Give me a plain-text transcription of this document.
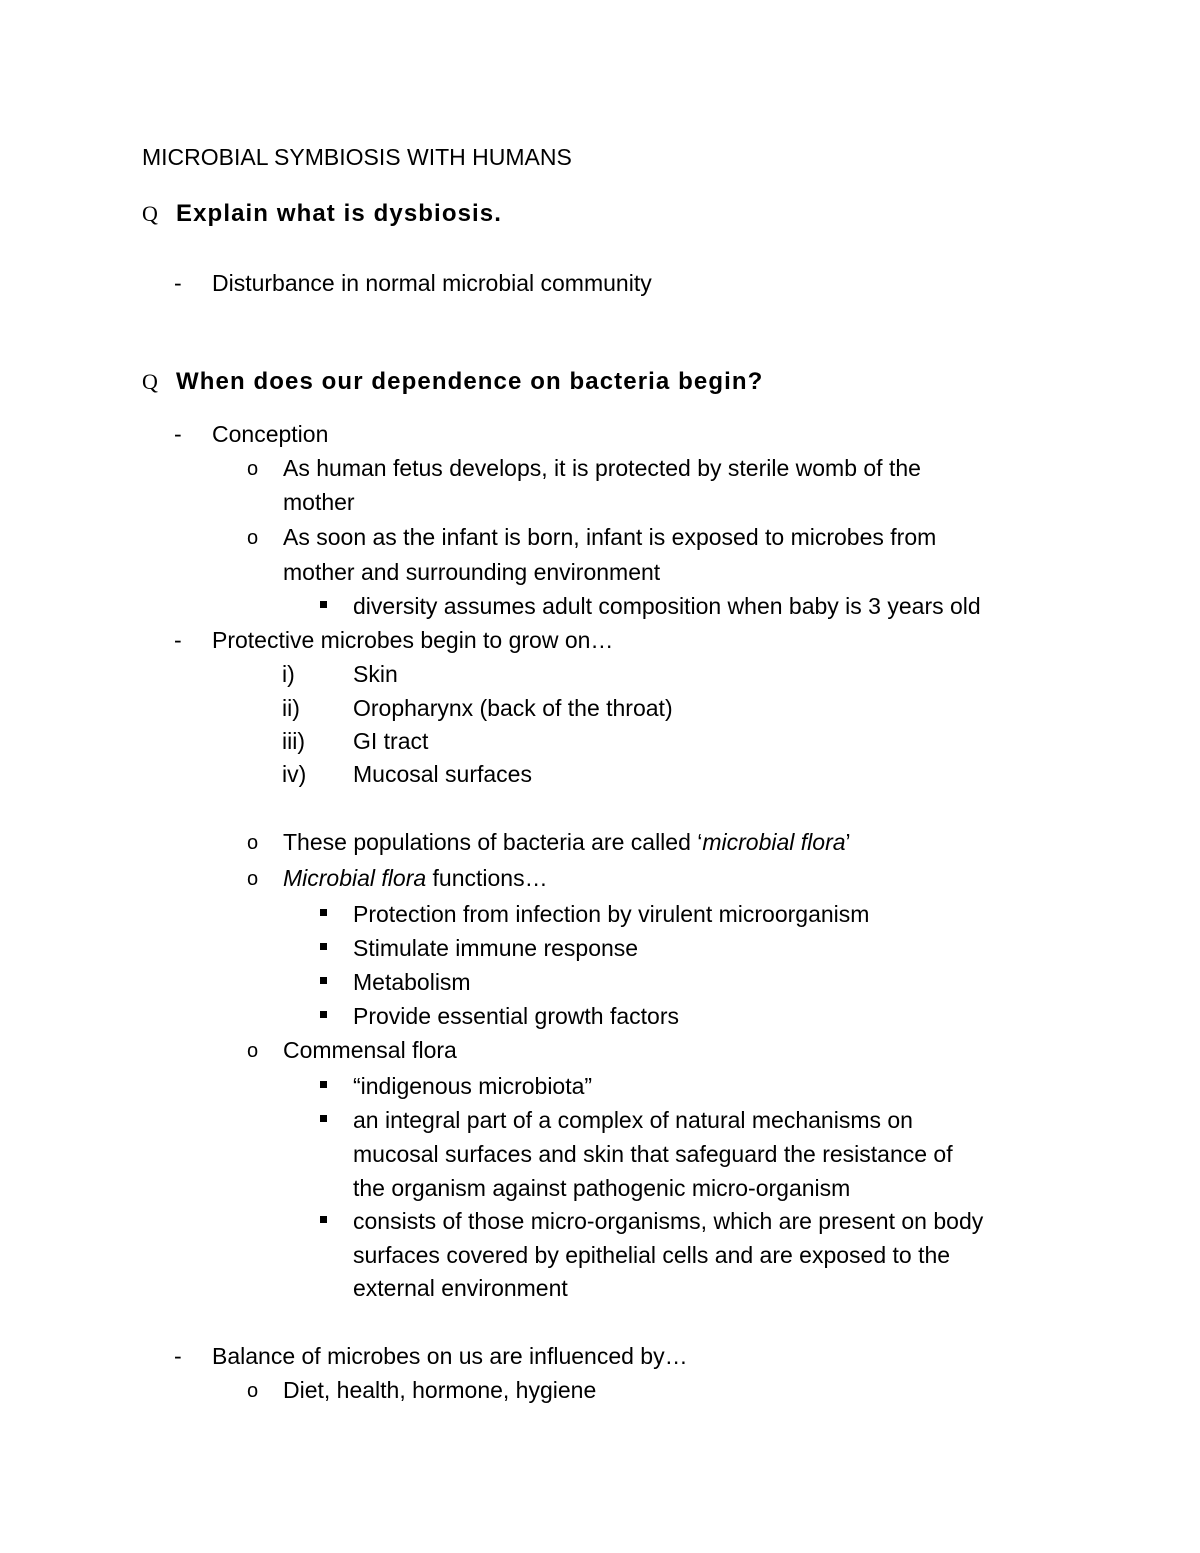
MICROBIAL SYMBIOSIS WITH HUMANS
Q Explain what is dysbiosis.
- Disturbance in normal microbial community
Q When does our dependence on bacteria begin?
- Conception
o As human fetus develops, it is protected by sterile womb of the
mother
o As soon as the infant is born, infant is exposed to microbes from
mother and surrounding environment
diversity assumes adult composition when baby is 3 years old
- Protective microbes begin to grow on…
i)	Skin
ii) Oropharynx (back of the throat)
iii) GI tract
iv) Mucosal surfaces
o These populations of bacteria are called ‘microbial flora’
o Microbial flora functions…
Protection from infection by virulent microorganism
Stimulate immune response
Metabolism
Provide essential growth factors
o Commensal flora
“indigenous microbiota”
an integral part of a complex of natural mechanisms on
mucosal surfaces and skin that safeguard the resistance of
the organism against pathogenic micro-organism
consists of those micro-organisms, which are present on body
surfaces covered by epithelial cells and are exposed to the
external environment
- Balance of microbes on us are influenced by…
o Diet, health, hormone, hygiene
